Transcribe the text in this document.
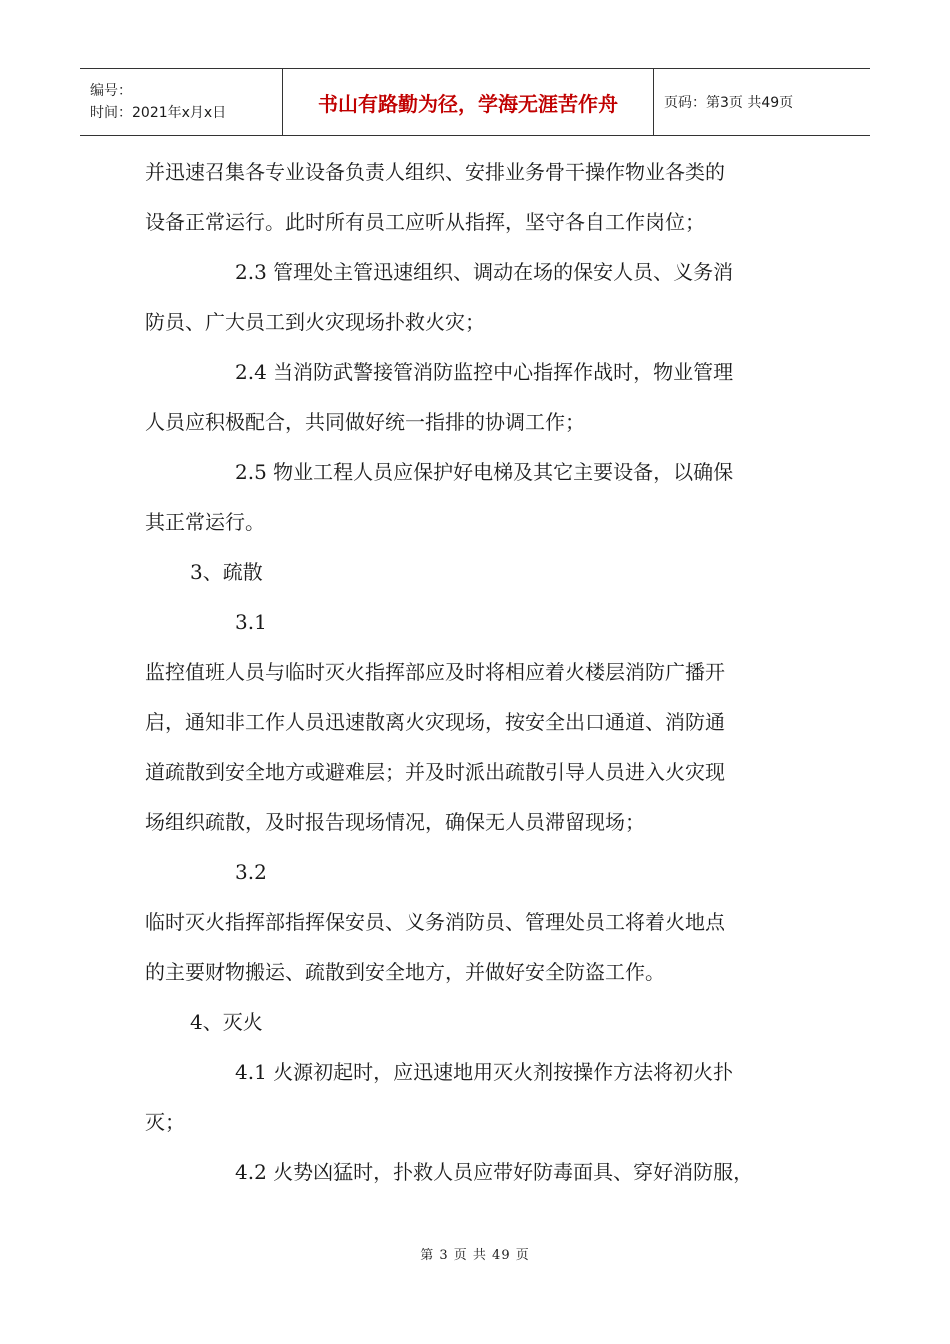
编号：
时间：2021年x月x日	书山有路勤为径，学海无涯苦作舟	页码：第3页 共49页
并迅速召集各专业设备负责人组织、安排业务骨干操作物业各类的
设备正常运行。此时所有员工应听从指挥，坚守各自工作岗位；
2.3 管理处主管迅速组织、调动在场的保安人员、义务消
防员、广大员工到火灾现场扑救火灾；
2.4 当消防武警接管消防监控中心指挥作战时，物业管理
人员应积极配合，共同做好统一指排的协调工作；
2.5 物业工程人员应保护好电梯及其它主要设备，以确保
其正常运行。
3、疏散
3.1
监控值班人员与临时灭火指挥部应及时将相应着火楼层消防广播开
启，通知非工作人员迅速散离火灾现场，按安全出口通道、消防通
道疏散到安全地方或避难层；并及时派出疏散引导人员进入火灾现
场组织疏散，及时报告现场情况，确保无人员滞留现场；
3.2
临时灭火指挥部指挥保安员、义务消防员、管理处员工将着火地点
的主要财物搬运、疏散到安全地方，并做好安全防盗工作。
4、灭火
4.1 火源初起时，应迅速地用灭火剂按操作方法将初火扑
灭；
4.2 火势凶猛时，扑救人员应带好防毒面具、穿好消防服，
第 3 页 共 49 页
